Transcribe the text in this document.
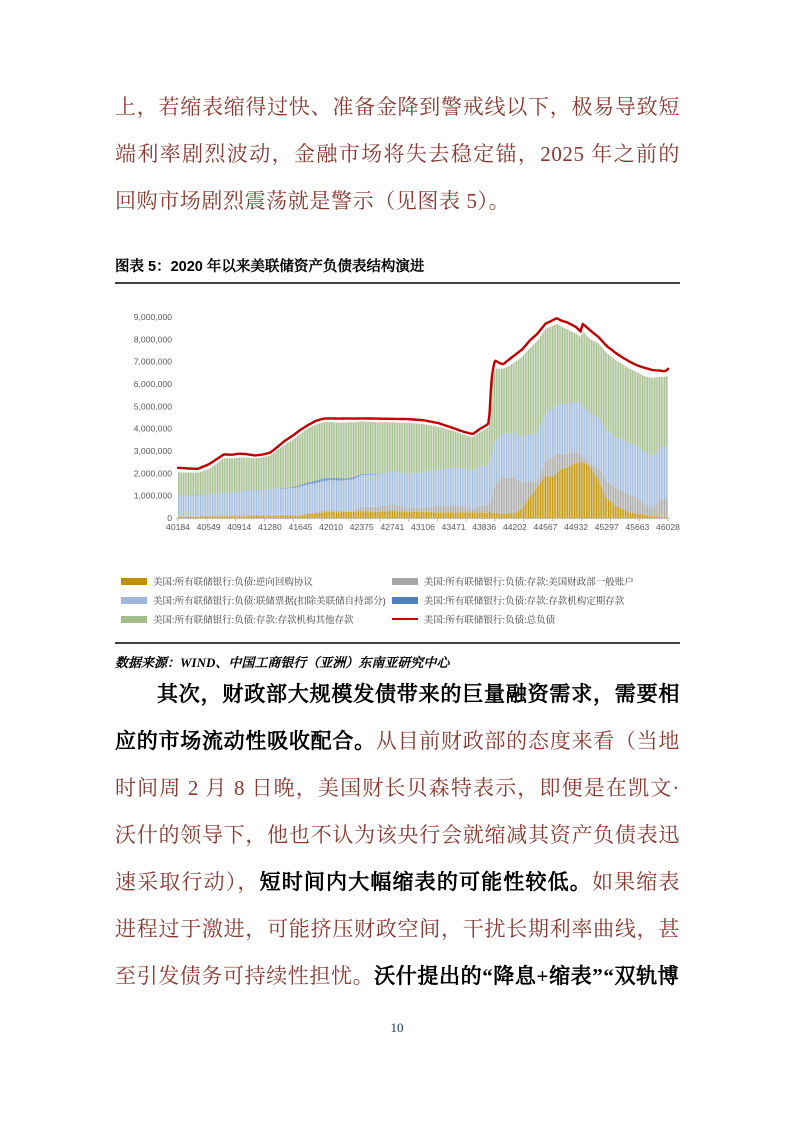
上，若缩表缩得过快、准备金降到警戒线以下，极易导致短端利率剧烈波动，金融市场将失去稳定锚，2025 年之前的回购市场剧烈震荡就是警示（见图表 5）。

图表 5：2020 年以来美联储资产负债表结构演进
0
1,000,000
2,000,000
3,000,000
4,000,000
5,000,000
6,000,000
7,000,000
8,000,000
9,000,000
40184 40549 40914 41280 41645 42010 42375 42741 43106 43471 43836 44202 44567 44932 45297 45663 46028
美国:所有联储银行:负债:逆向回购协议
美国:所有联储银行:负债:联储票据(扣除美联储自持部分)
美国:所有联储银行:负债:存款:存款机构其他存款
美国:所有联储银行:负债:存款:美国财政部一般账户
美国:所有联储银行:负债:存款:存款机构定期存款
美国:所有联储银行:负债:总负债
数据来源：WIND、中国工商银行（亚洲）东南亚研究中心

其次，财政部大规模发债带来的巨量融资需求，需要相应的市场流动性吸收配合。从目前财政部的态度来看（当地时间周 2 月 8 日晚，美国财长贝森特表示，即便是在凯文·沃什的领导下，他也不认为该央行会就缩减其资产负债表迅速采取行动），短时间内大幅缩表的可能性较低。如果缩表进程过于激进，可能挤压财政空间，干扰长期利率曲线，甚至引发债务可持续性担忧。沃什提出的“降息+缩表”“双轨博

10
